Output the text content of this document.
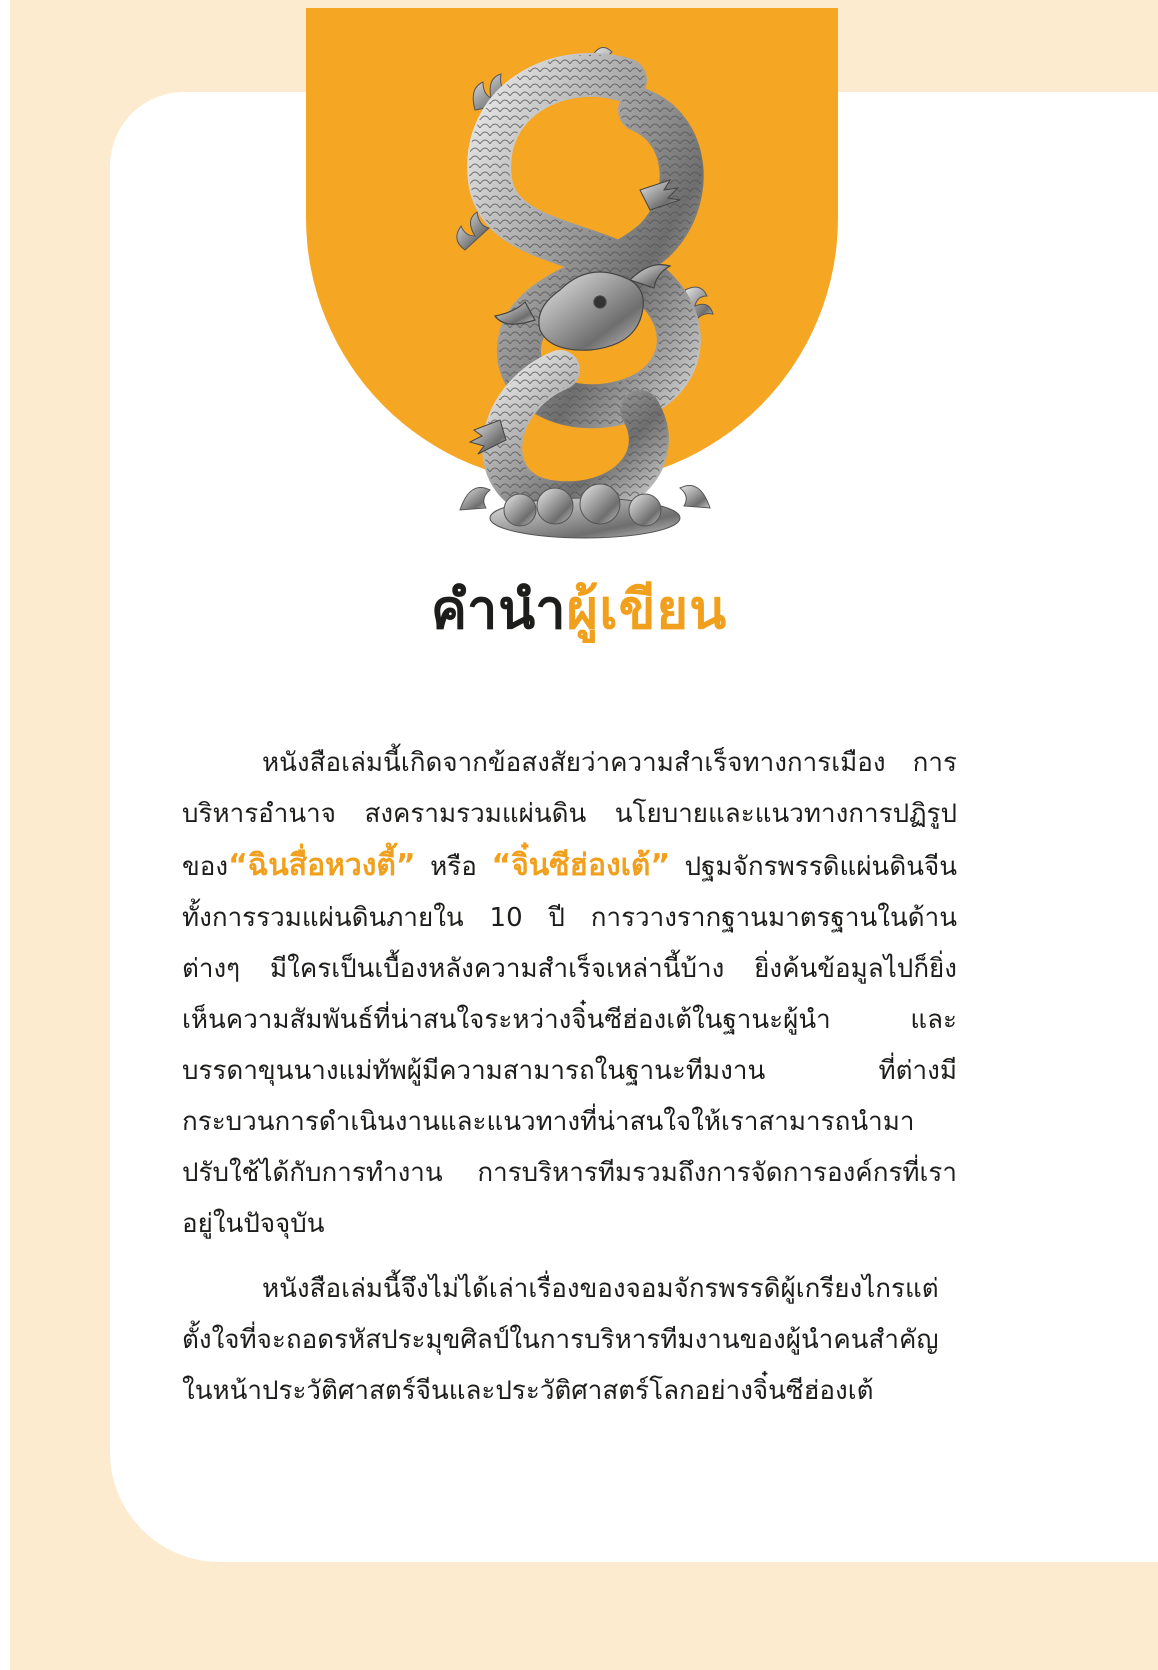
คำนำผู้เขียน

หนังสือเล่มนี้เกิดจากข้อสงสัยว่าความสำเร็จทางการเมือง การบริหารอำนาจ สงครามรวมแผ่นดิน นโยบายและแนวทางการปฏิรูปของ“ฉินสื่อหวงตี้” หรือ “จิ๋นซีฮ่องเต้” ปฐมจักรพรรดิแผ่นดินจีน ทั้งการรวมแผ่นดินภายใน 10 ปี การวางรากฐานมาตรฐานในด้านต่างๆ มีใครเป็นเบื้องหลังความสำเร็จเหล่านี้บ้าง ยิ่งค้นข้อมูลไปก็ยิ่งเห็นความสัมพันธ์ที่น่าสนใจระหว่างจิ๋นซีฮ่องเต้ในฐานะผู้นำ และบรรดาขุนนางแม่ทัพผู้มีความสามารถในฐานะทีมงาน ที่ต่างมีกระบวนการดำเนินงานและแนวทางที่น่าสนใจให้เราสามารถนำมาปรับใช้ได้กับการทำงาน การบริหารทีมรวมถึงการจัดการองค์กรที่เราอยู่ในปัจจุบัน

หนังสือเล่มนี้จึงไม่ได้เล่าเรื่องของจอมจักรพรรดิผู้เกรียงไกรแต่ตั้งใจที่จะถอดรหัสประมุขศิลป์ในการบริหารทีมงานของผู้นำคนสำคัญในหน้าประวัติศาสตร์จีนและประวัติศาสตร์โลกอย่างจิ๋นซีฮ่องเต้
